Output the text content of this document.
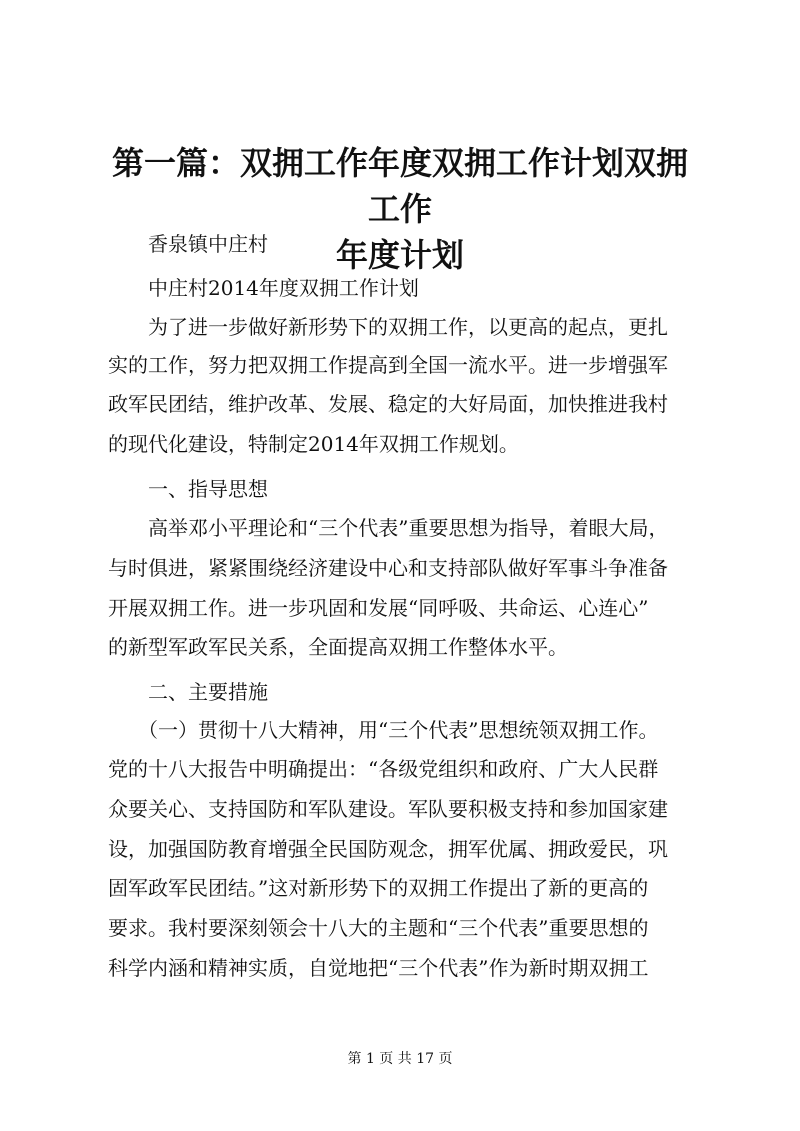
第一篇：双拥工作年度双拥工作计划双拥工作
年度计划

香泉镇中庄村

中庄村2014年度双拥工作计划

为了进一步做好新形势下的双拥工作，以更高的起点，更扎

实的工作，努力把双拥工作提高到全国一流水平。进一步增强军

政军民团结，维护改革、发展、稳定的大好局面，加快推进我村

的现代化建设，特制定2014年双拥工作规划。

一、指导思想

高举邓小平理论和“三个代表”重要思想为指导，着眼大局，

与时俱进，紧紧围绕经济建设中心和支持部队做好军事斗争准备

开展双拥工作。进一步巩固和发展“同呼吸、共命运、心连心”

的新型军政军民关系，全面提高双拥工作整体水平。

二、主要措施

（一）贯彻十八大精神，用“三个代表”思想统领双拥工作。

党的十八大报告中明确提出：“各级党组织和政府、广大人民群

众要关心、支持国防和军队建设。军队要积极支持和参加国家建

设，加强国防教育增强全民国防观念，拥军优属、拥政爱民，巩

固军政军民团结。”这对新形势下的双拥工作提出了新的更高的

要求。我村要深刻领会十八大的主题和“三个代表”重要思想的

科学内涵和精神实质，自觉地把“三个代表”作为新时期双拥工

第 1 页 共 17 页
